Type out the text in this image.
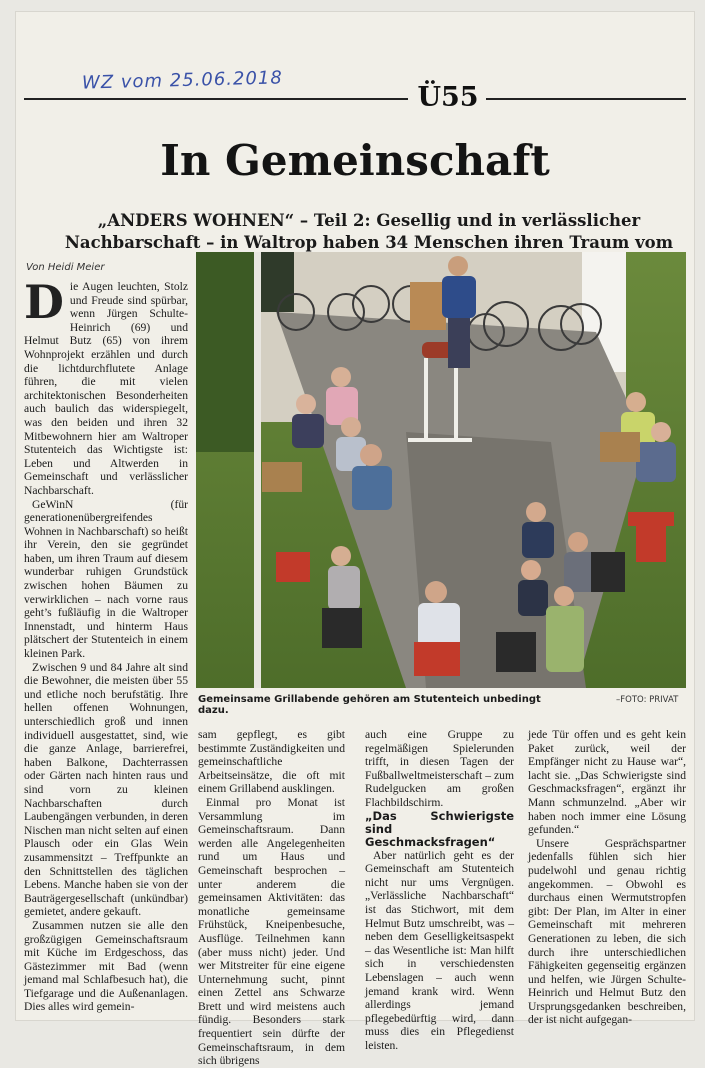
WZ vom 25.06.2018
Ü55
In Gemeinschaft
„ANDERS WOHNEN“ – Teil 2: Gesellig und in verlässlicher Nachbarschaft – in Waltrop haben 34 Menschen ihren Traum vom
Von Heidi Meier

Die Augen leuchten, Stolz und Freude sind spürbar, wenn Jürgen Schulte-Heinrich (69) und Helmut Butz (65) von ihrem Wohnprojekt erzählen und durch die lichtdurchflutete Anlage führen, die mit vielen architektonischen Besonderheiten auch baulich das widerspiegelt, was den beiden und ihren 32 Mitbewohnern hier am Waltroper Stutenteich das Wichtigste ist: Leben und Altwerden in Gemeinschaft und verlässlicher Nachbarschaft.

GeWinN (für generationenübergreifendes Wohnen in Nachbarschaft) so heißt ihr Verein, den sie gegründet haben, um ihren Traum auf diesem wunderbar ruhigen Grundstück zwischen hohen Bäumen zu verwirklichen – nach vorne raus geht’s fußläufig in die Waltroper Innenstadt, und hinterm Haus plätschert der Stutenteich in einem kleinen Park.

Zwischen 9 und 84 Jahre alt sind die Bewohner, die meisten über 55 und etliche noch berufstätig. Ihre hellen offenen Wohnungen, unterschiedlich groß und innen individuell ausgestattet, sind, wie die ganze Anlage, barrierefrei, haben Balkone, Dachterrassen oder Gärten nach hinten raus und sind vorn zu kleinen Nachbarschaften durch Laubengängen verbunden, in deren Nischen man nicht selten auf einen Plausch oder ein Glas Wein zusammensitzt – Treffpunkte an den Schnittstellen des täglichen Lebens. Manche haben sie von der Bauträgergesellschaft (unkündbar) gemietet, andere gekauft.

Zusammen nutzen sie alle den großzügigen Gemeinschaftsraum mit Küche im Erdgeschoss, das Gästezimmer mit Bad (wenn jemand mal Schlafbesuch hat), die Tiefgarage und die Außenanlagen. Dies alles wird gemein-

Gemeinsame Grillabende gehören am Stutenteich unbedingt dazu.
–FOTO: PRIVAT

sam gepflegt, es gibt bestimmte Zuständigkeiten und gemeinschaftliche Arbeitseinsätze, die oft mit einem Grillabend ausklingen.

Einmal pro Monat ist Versammlung im Gemeinschaftsraum. Dann werden alle Angelegenheiten rund um Haus und Gemeinschaft besprochen – unter anderem die gemeinsamen Aktivitäten: das monatliche gemeinsame Frühstück, Kneipenbesuche, Ausflüge. Teilnehmen kann (aber muss nicht) jeder. Und wer Mitstreiter für eine eigene Unternehmung sucht, pinnt einen Zettel ans Schwarze Brett und wird meistens auch fündig. Besonders stark frequentiert sein dürfte der Gemeinschaftsraum, in dem sich übrigens

auch eine Gruppe zu regelmäßigen Spielerunden trifft, in diesen Tagen der Fußballweltmeisterschaft – zum Rudelgucken am großen Flachbildschirm.

„Das Schwierigste sind Geschmacksfragen“

Aber natürlich geht es der Gemeinschaft am Stutenteich nicht nur ums Vergnügen. „Verlässliche Nachbarschaft“ ist das Stichwort, mit dem Helmut Butz umschreibt, was – neben dem Geselligkeitsaspekt – das Wesentliche ist: Man hilft sich in verschiedensten Lebenslagen – auch wenn jemand krank wird. Wenn allerdings jemand pflegebedürftig wird, dann muss dies ein Pflegedienst leisten.

jede Tür offen und es geht kein Paket zurück, weil der Empfänger nicht zu Hause war“, lacht sie. „Das Schwierigste sind Geschmacksfragen“, ergänzt ihr Mann schmunzelnd. „Aber wir haben noch immer eine Lösung gefunden.“

Unsere Gesprächspartner jedenfalls fühlen sich hier pudelwohl und genau richtig angekommen. – Obwohl es durchaus einen Wermutstropfen gibt: Der Plan, im Alter in einer Gemeinschaft mit mehreren Generationen zu leben, die sich durch ihre unterschiedlichen Fähigkeiten gegenseitig ergänzen und helfen, wie Jürgen Schulte-Heinrich und Helmut Butz den Ursprungsgedanken beschreiben, der ist nicht aufgegan-
